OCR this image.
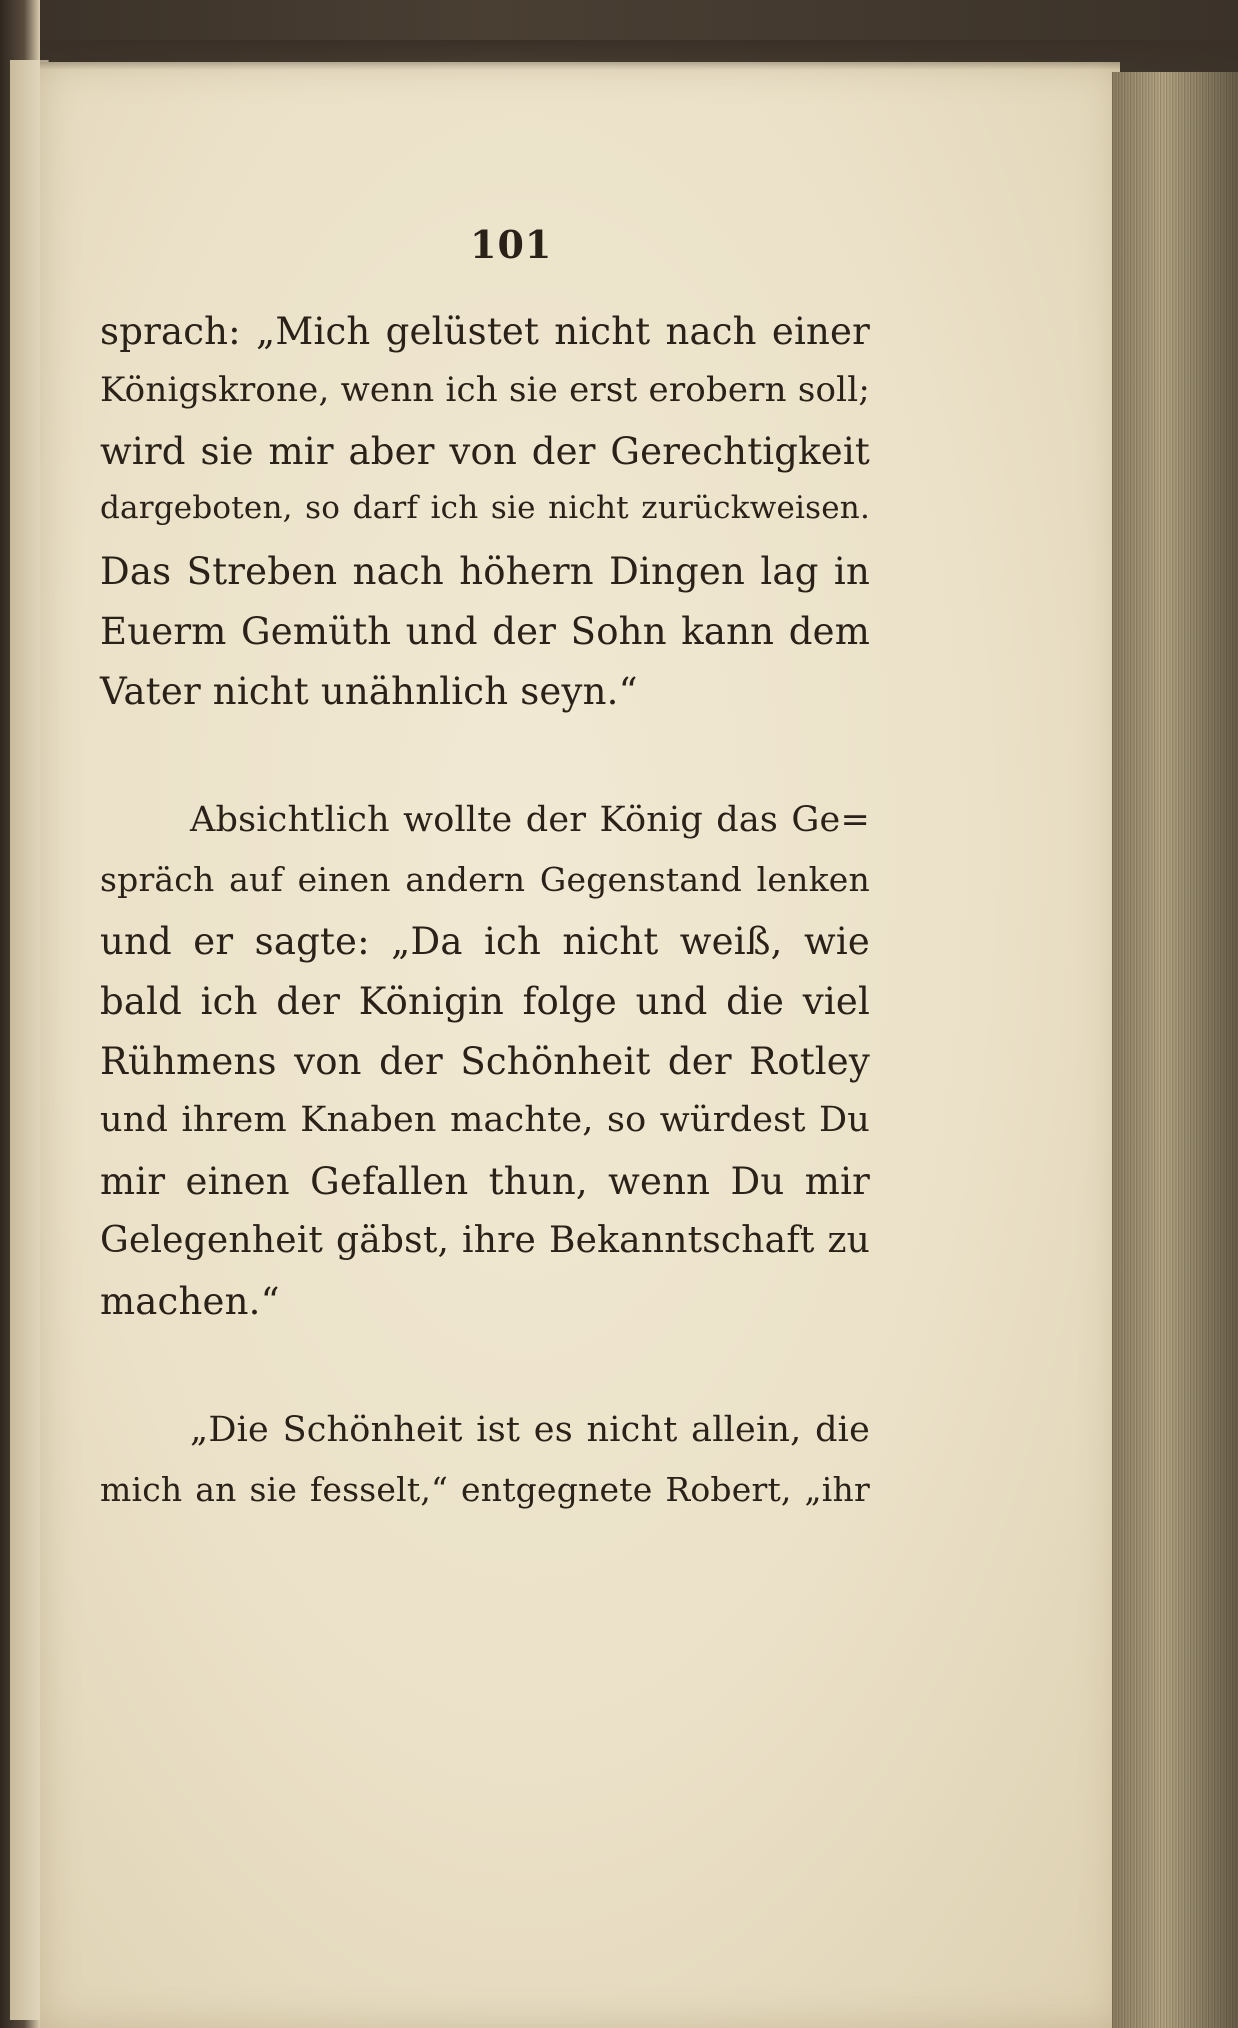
101
sprach: „Mich gelüstet nicht nach einer
Königskrone, wenn ich sie erst erobern soll;
wird sie mir aber von der Gerechtigkeit
dargeboten, so darf ich sie nicht zurückweisen.
Das Streben nach höhern Dingen lag in
Euerm Gemüth und der Sohn kann dem
Vater nicht unähnlich seyn.“
Absichtlich wollte der König das Ge=
spräch auf einen andern Gegenstand lenken
und er sagte: „Da ich nicht weiß, wie
bald ich der Königin folge und die viel
Rühmens von der Schönheit der Rotley
und ihrem Knaben machte, so würdest Du
mir einen Gefallen thun, wenn Du mir
Gelegenheit gäbst, ihre Bekanntschaft zu
machen.“
„Die Schönheit ist es nicht allein, die
mich an sie fesselt,“ entgegnete Robert, „ihr
